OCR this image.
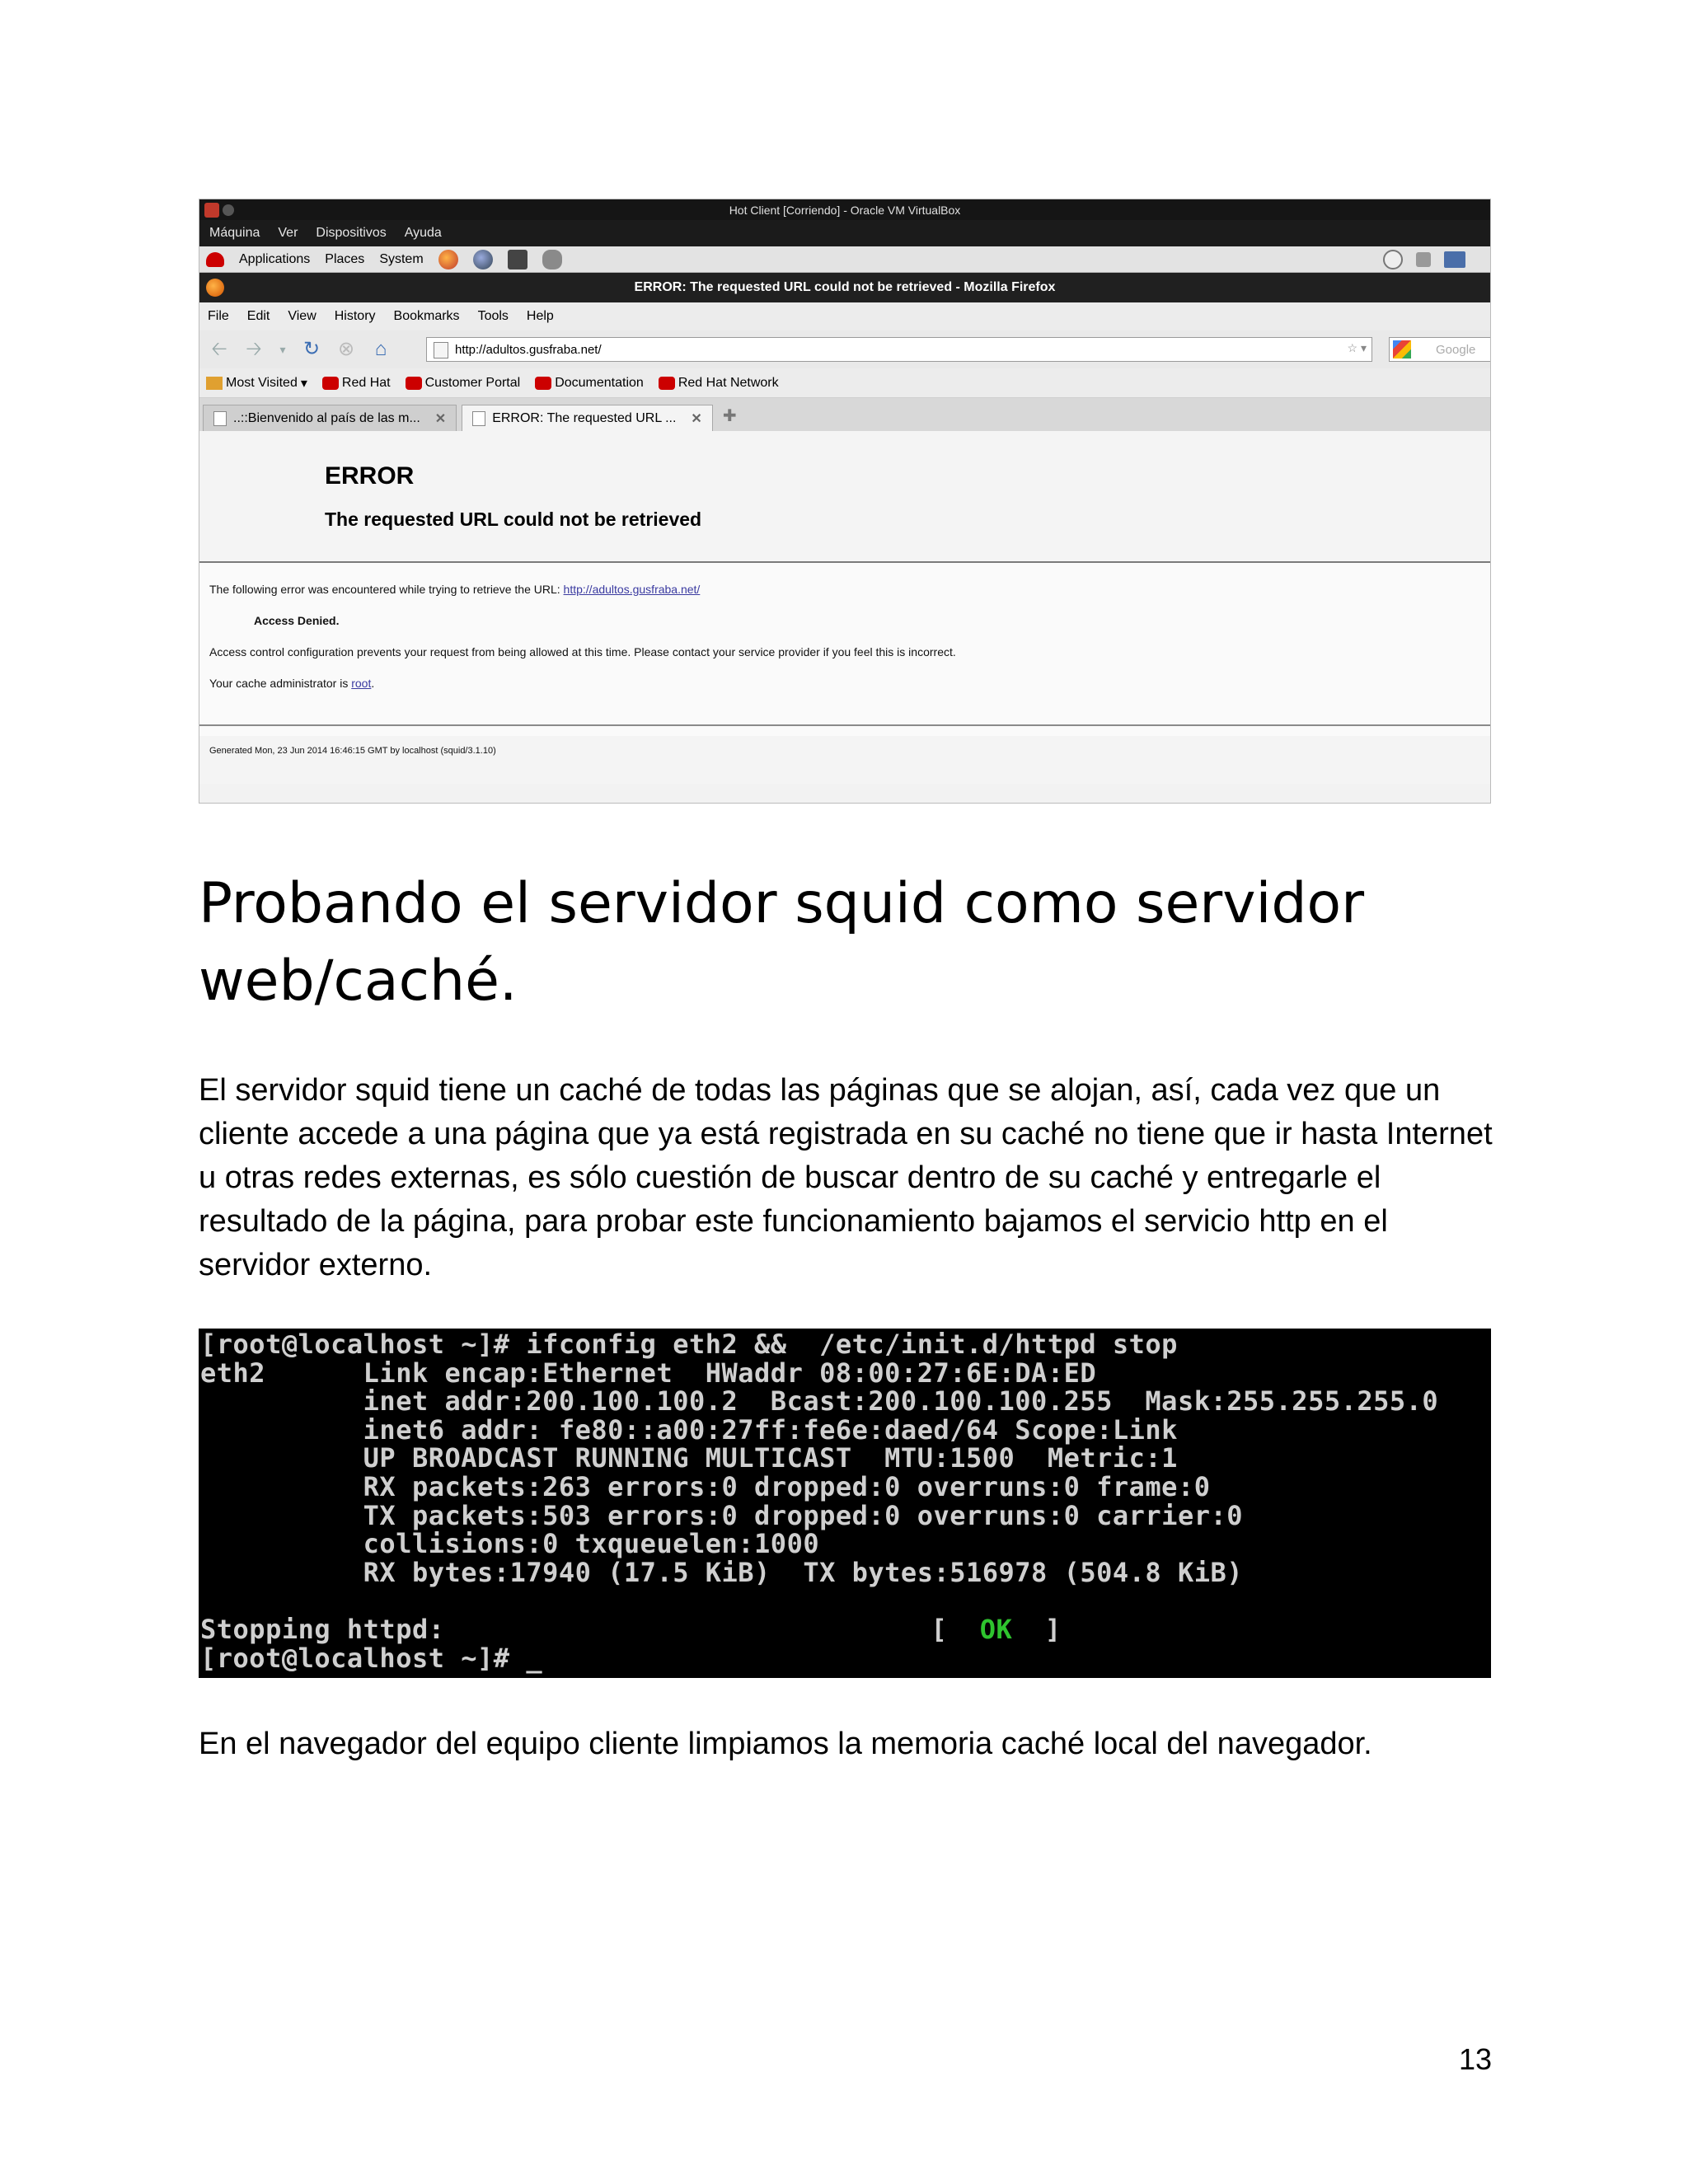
Hot Client [Corriendo] - Oracle VM VirtualBox
Máquina Ver Dispositivos Ayuda
Applications Places System
ERROR: The requested URL could not be retrieved - Mozilla Firefox
File Edit View History Bookmarks Tools Help
🡠 🡢	▾ ↻ ⊗ ⌂	http://adultos.gusfraba.net/	☆ ▾	Google
Most Visited ▾	Red Hat	Customer Portal	Documentation	Red Hat Network
..::Bienvenido al país de las m... ✕	ERROR: The requested URL ... ✕ ✚
ERROR
The requested URL could not be retrieved
The following error was encountered while trying to retrieve the URL: http://adultos.gusfraba.net/
Access Denied.
Access control configuration prevents your request from being allowed at this time. Please contact your service provider if you feel this is incorrect.
Your cache administrator is root.
Generated Mon, 23 Jun 2014 16:46:15 GMT by localhost (squid/3.1.10)
Probando el servidor squid como servidor web/caché.

El servidor squid tiene un caché de todas las páginas que se alojan, así, cada vez que un cliente accede a una página que ya está registrada en su caché no tiene que ir hasta Internet u otras redes externas, es sólo cuestión de buscar dentro de su caché y entregarle el resultado de la página, para probar este funcionamiento bajamos el servicio http en el servidor externo.

[root@localhost ~]# ifconfig eth2 &&  /etc/init.d/httpd stop
eth2      Link encap:Ethernet  HWaddr 08:00:27:6E:DA:ED
inet addr:200.100.100.2  Bcast:200.100.100.255  Mask:255.255.255.0
inet6 addr: fe80::a00:27ff:fe6e:daed/64 Scope:Link
UP BROADCAST RUNNING MULTICAST  MTU:1500  Metric:1
RX packets:263 errors:0 dropped:0 overruns:0 frame:0
TX packets:503 errors:0 dropped:0 overruns:0 carrier:0
collisions:0 txqueuelen:1000
RX bytes:17940 (17.5 KiB)  TX bytes:516978 (504.8 KiB)

Stopping httpd:	[  OK  ]
[root@localhost ~]# _

En el navegador del equipo cliente limpiamos la memoria caché local del navegador.

13
